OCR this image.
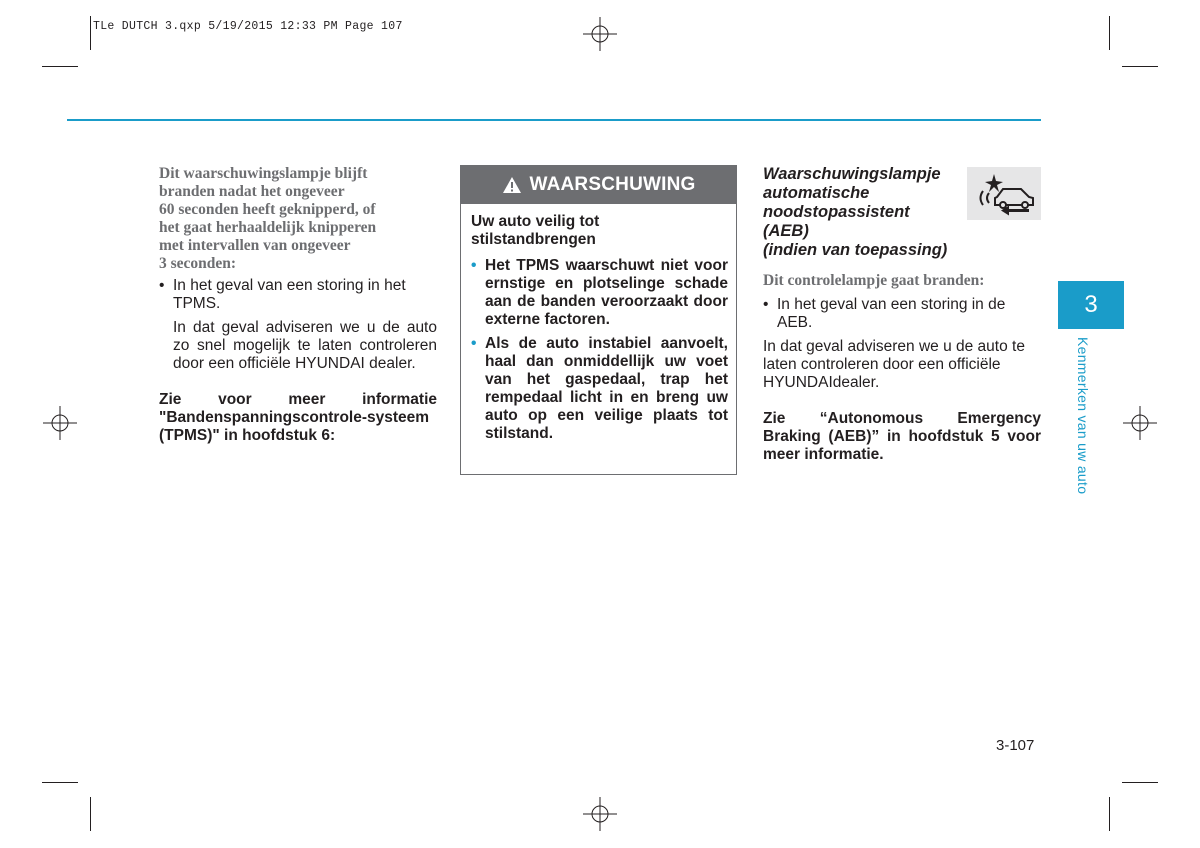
TLe DUTCH 3.qxp 5/19/2015 12:33 PM Page 107
Dit waarschuwingslampje blijft
branden nadat het ongeveer
60 seconden heeft geknipperd, of
het gaat herhaaldelijk knipperen
met intervallen van ongeveer
3 seconden:
• In het geval van een storing in het TPMS.
In dat geval adviseren we u de auto zo snel mogelijk te laten controleren door een officiële HYUNDAI dealer.
Zie voor meer informatie "Bandenspanningscontrole-systeem (TPMS)" in hoofdstuk 6:
WAARSCHUWING
Uw auto veilig tot stilstandbrengen
• Het TPMS waarschuwt niet voor ernstige en plotselinge schade aan de banden veroorzaakt door externe factoren.
• Als de auto instabiel aanvoelt, haal dan onmiddellijk uw voet van het gaspedaal, trap het rempedaal licht in en breng uw auto op een veilige plaats tot stilstand.
Waarschuwingslampje
automatische
noodstopassistent
(AEB)
(indien van toepassing)
Dit controlelampje gaat branden:
• In het geval van een storing in de AEB.
In dat geval adviseren we u de auto te laten controleren door een officiële HYUNDAIdealer.
Zie “Autonomous Emergency Braking (AEB)” in hoofdstuk 5 voor meer informatie.
3
Kenmerken van uw auto
3-107
